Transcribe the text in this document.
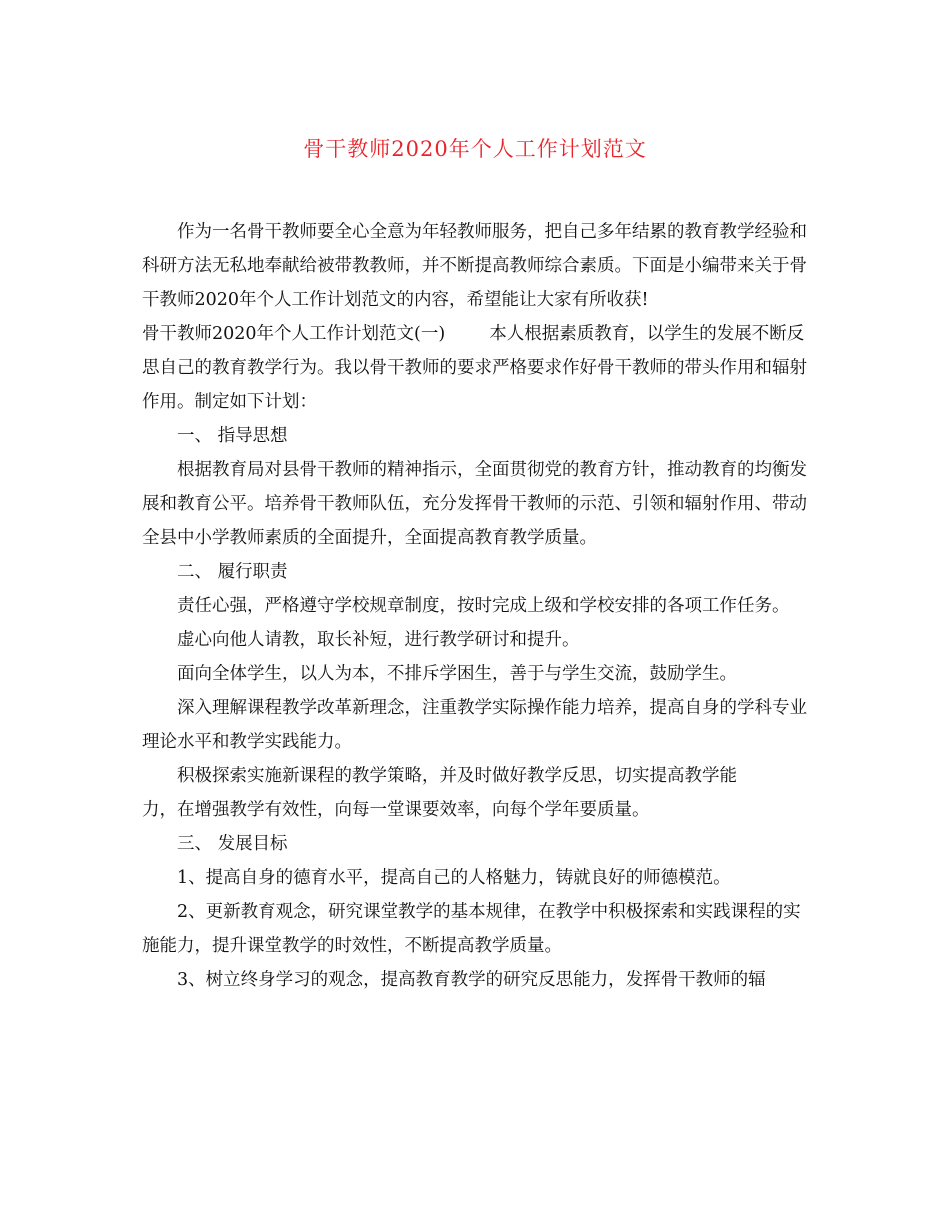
骨干教师2020年个人工作计划范文

作为一名骨干教师要全心全意为年轻教师服务，把自己多年结累的教育教学经验和科研方法无私地奉献给被带教教师，并不断提高教师综合素质。下面是小编带来关于骨干教师2020年个人工作计划范文的内容，希望能让大家有所收获!

骨干教师2020年个人工作计划范文(一)	本人根据素质教育，以学生的发展不断反思自己的教育教学行为。我以骨干教师的要求严格要求作好骨干教师的带头作用和辐射作用。制定如下计划：

一、 指导思想

根据教育局对县骨干教师的精神指示，全面贯彻党的教育方针，推动教育的均衡发展和教育公平。培养骨干教师队伍，充分发挥骨干教师的示范、引领和辐射作用、带动全县中小学教师素质的全面提升，全面提高教育教学质量。

二、 履行职责

责任心强，严格遵守学校规章制度，按时完成上级和学校安排的各项工作任务。

虚心向他人请教，取长补短，进行教学研讨和提升。

面向全体学生，以人为本，不排斥学困生，善于与学生交流，鼓励学生。

深入理解课程教学改革新理念，注重教学实际操作能力培养，提高自身的学科专业理论水平和教学实践能力。

积极探索实施新课程的教学策略，并及时做好教学反思，切实提高教学能

力，在增强教学有效性，向每一堂课要效率，向每个学年要质量。

三、 发展目标

1、提高自身的德育水平，提高自己的人格魅力，铸就良好的师德模范。

2、更新教育观念，研究课堂教学的基本规律，在教学中积极探索和实践课程的实施能力，提升课堂教学的时效性，不断提高教学质量。

3、树立终身学习的观念，提高教育教学的研究反思能力，发挥骨干教师的辐
